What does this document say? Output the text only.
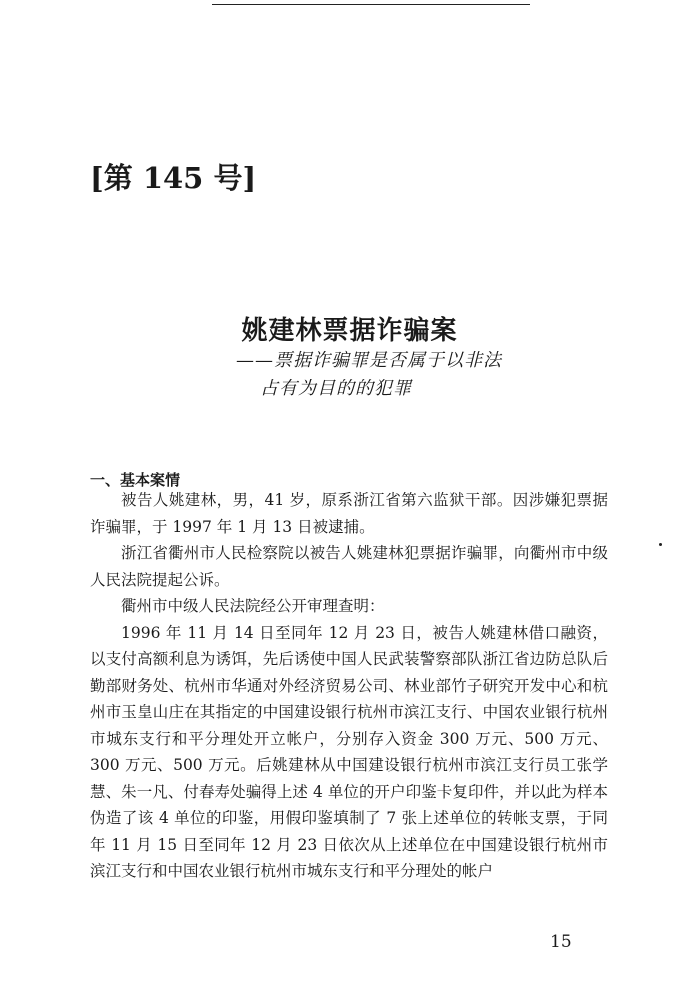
[第 145 号]
姚建林票据诈骗案
——票据诈骗罪是否属于以非法
占有为目的的犯罪
一、基本案情

被告人姚建林，男，41 岁，原系浙江省第六监狱干部。因涉嫌犯票据诈骗罪，于 1997 年 1 月 13 日被逮捕。

浙江省衢州市人民检察院以被告人姚建林犯票据诈骗罪，向衢州市中级人民法院提起公诉。

衢州市中级人民法院经公开审理查明：

1996 年 11 月 14 日至同年 12 月 23 日，被告人姚建林借口融资，以支付高额利息为诱饵，先后诱使中国人民武装警察部队浙江省边防总队后勤部财务处、杭州市华通对外经济贸易公司、林业部竹子研究开发中心和杭州市玉皇山庄在其指定的中国建设银行杭州市滨江支行、中国农业银行杭州市城东支行和平分理处开立帐户，分别存入资金 300 万元、500 万元、300 万元、500 万元。后姚建林从中国建设银行杭州市滨江支行员工张学慧、朱一凡、付春寿处骗得上述 4 单位的开户印鉴卡复印件，并以此为样本伪造了该 4 单位的印鉴，用假印鉴填制了 7 张上述单位的转帐支票，于同年 11 月 15 日至同年 12 月 23 日依次从上述单位在中国建设银行杭州市滨江支行和中国农业银行杭州市城东支行和平分理处的帐户

15
